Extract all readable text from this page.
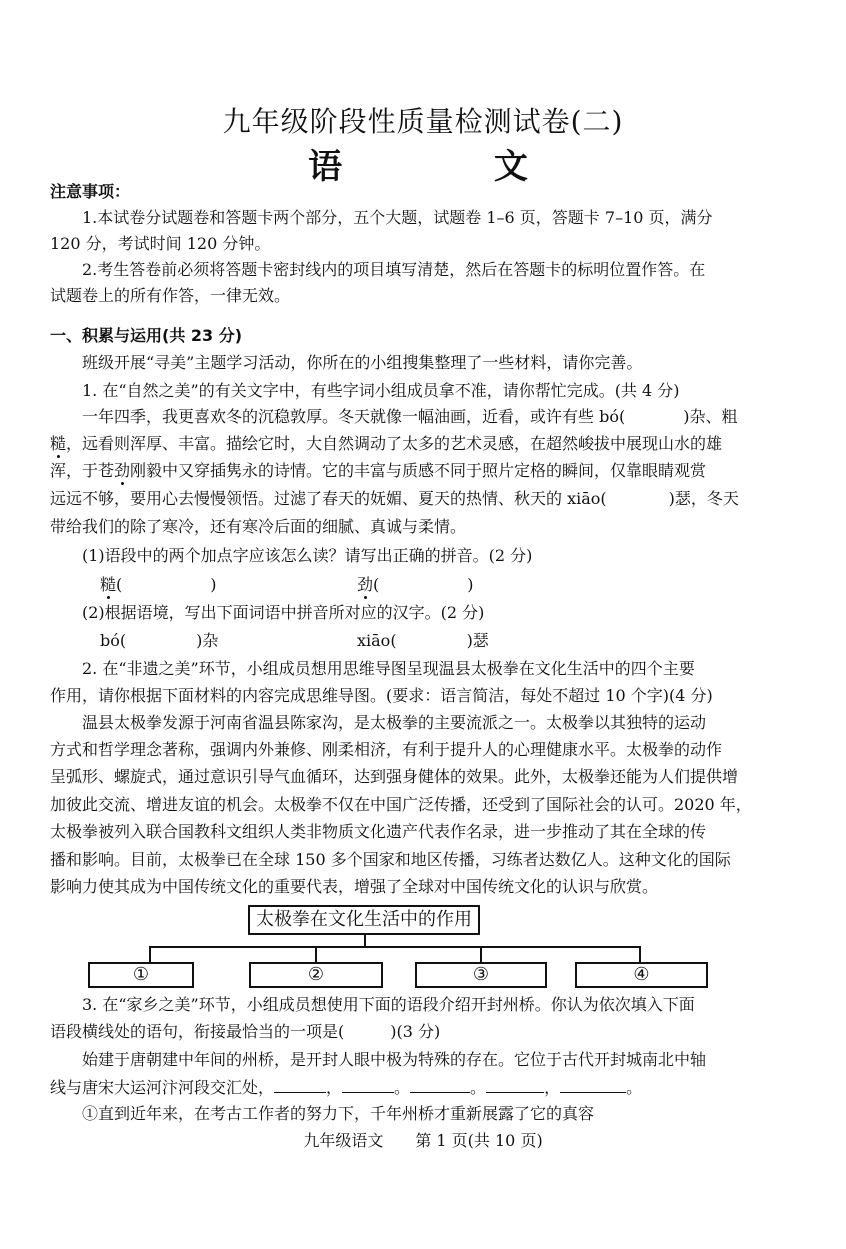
九年级阶段性质量检测试卷(二)
语 文
注意事项：
1.本试卷分试题卷和答题卡两个部分，五个大题，试题卷 1–6 页，答题卡 7–10 页，满分
120 分，考试时间 120 分钟。
2.考生答卷前必须将答题卡密封线内的项目填写清楚，然后在答题卡的标明位置作答。在
试题卷上的所有作答，一律无效。
一、积累与运用(共 23 分)
班级开展“寻美”主题学习活动，你所在的小组搜集整理了一些材料，请你完善。
1. 在“自然之美”的有关文字中，有些字词小组成员拿不准，请你帮忙完成。(共 4 分)
一年四季，我更喜欢冬的沉稳敦厚。冬天就像一幅油画，近看，或许有些 bó(	)杂、粗
糙，远看则浑厚、丰富。描绘它时，大自然调动了太多的艺术灵感，在超然峻拔中展现山水的雄
浑，于苍劲刚毅中又穿插隽永的诗情。它的丰富与质感不同于照片定格的瞬间，仅靠眼睛观赏
远远不够，要用心去慢慢领悟。过滤了春天的妩媚、夏天的热情、秋天的 xiāo(	)瑟，冬天
带给我们的除了寒冷，还有寒冷后面的细腻、真诚与柔情。
(1)语段中的两个加点字应该怎么读？请写出正确的拼音。(2 分)
糙(	)	劲(	)
(2)根据语境，写出下面词语中拼音所对应的汉字。(2 分)
bó(	)杂	xiāo(	)瑟
2. 在“非遗之美”环节，小组成员想用思维导图呈现温县太极拳在文化生活中的四个主要
作用，请你根据下面材料的内容完成思维导图。(要求：语言简洁，每处不超过 10 个字)(4 分)
温县太极拳发源于河南省温县陈家沟，是太极拳的主要流派之一。太极拳以其独特的运动
方式和哲学理念著称，强调内外兼修、刚柔相济，有利于提升人的心理健康水平。太极拳的动作
呈弧形、螺旋式，通过意识引导气血循环，达到强身健体的效果。此外，太极拳还能为人们提供增
加彼此交流、增进友谊的机会。太极拳不仅在中国广泛传播，还受到了国际社会的认可。2020 年，
太极拳被列入联合国教科文组织人类非物质文化遗产代表作名录，进一步推动了其在全球的传
播和影响。目前，太极拳已在全球 150 多个国家和地区传播，习练者达数亿人。这种文化的国际
影响力使其成为中国传统文化的重要代表，增强了全球对中国传统文化的认识与欣赏。
太极拳在文化生活中的作用
①	②	③	④
3. 在“家乡之美”环节，小组成员想使用下面的语段介绍开封州桥。你认为依次填入下面
语段横线处的语句，衔接最恰当的一项是(	)(3 分)
始建于唐朝建中年间的州桥，是开封人眼中极为特殊的存在。它位于古代开封城南北中轴
线与唐宋大运河汴河段交汇处，	，	。	。	，	。
①直到近年来，在考古工作者的努力下，千年州桥才重新展露了它的真容
九年级语文　　第 1 页(共 10 页)
